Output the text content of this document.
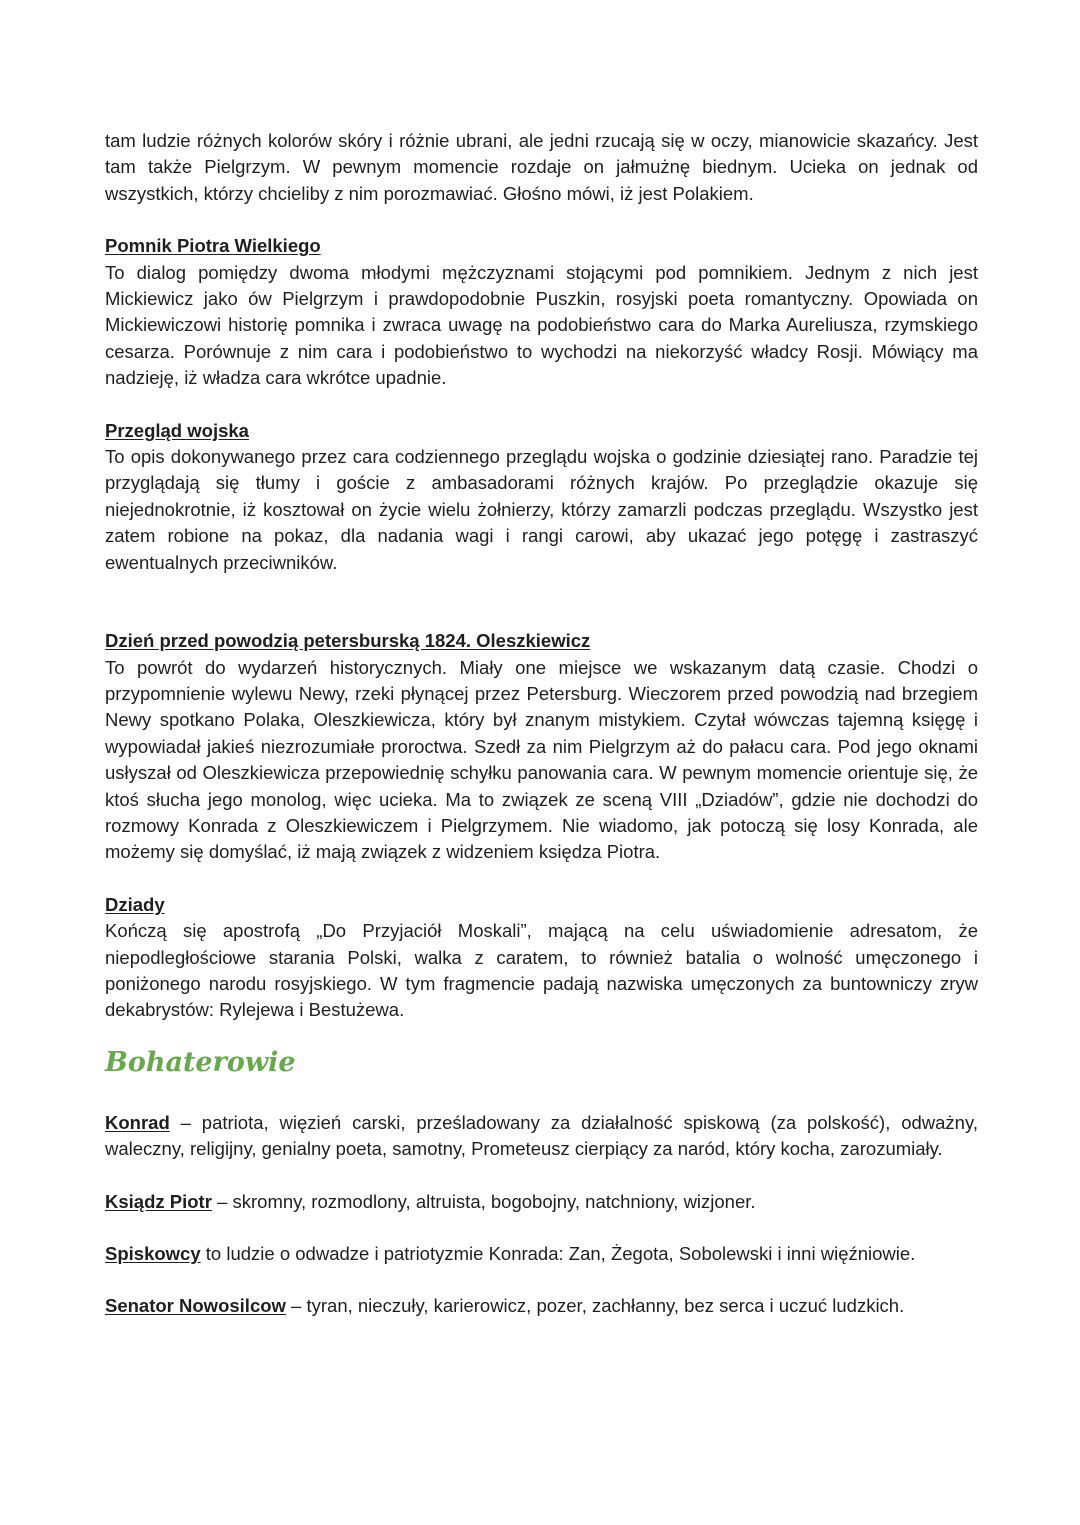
tam ludzie różnych kolorów skóry i różnie ubrani, ale jedni rzucają się w oczy, mianowicie skazańcy. Jest tam także Pielgrzym. W pewnym momencie rozdaje on jałmużnę biednym. Ucieka on jednak od wszystkich, którzy chcieliby z nim porozmawiać. Głośno mówi, iż jest Polakiem.

Pomnik Piotra Wielkiego

To dialog pomiędzy dwoma młodymi mężczyznami stojącymi pod pomnikiem. Jednym z nich jest Mickiewicz jako ów Pielgrzym i prawdopodobnie Puszkin, rosyjski poeta romantyczny. Opowiada on Mickiewiczowi historię pomnika i zwraca uwagę na podobieństwo cara do Marka Aureliusza, rzymskiego cesarza. Porównuje z nim cara i podobieństwo to wychodzi na niekorzyść władcy Rosji. Mówiący ma nadzieję, iż władza cara wkrótce upadnie.

Przegląd wojska

To opis dokonywanego przez cara codziennego przeglądu wojska o godzinie dziesiątej rano. Paradzie tej przyglądają się tłumy i goście z ambasadorami różnych krajów. Po przeglądzie okazuje się niejednokrotnie, iż kosztował on życie wielu żołnierzy, którzy zamarzli podczas przeglądu. Wszystko jest zatem robione na pokaz, dla nadania wagi i rangi carowi, aby ukazać jego potęgę i zastraszyć ewentualnych przeciwników.

Dzień przed powodzią petersburską 1824. Oleszkiewicz

To powrót do wydarzeń historycznych. Miały one miejsce we wskazanym datą czasie. Chodzi o przypomnienie wylewu Newy, rzeki płynącej przez Petersburg. Wieczorem przed powodzią nad brzegiem Newy spotkano Polaka, Oleszkiewicza, który był znanym mistykiem. Czytał wówczas tajemną księgę i wypowiadał jakieś niezrozumiałe proroctwa. Szedł za nim Pielgrzym aż do pałacu cara. Pod jego oknami usłyszał od Oleszkiewicza przepowiednię schyłku panowania cara. W pewnym momencie orientuje się, że ktoś słucha jego monolog, więc ucieka. Ma to związek ze sceną VIII „Dziadów”, gdzie nie dochodzi do rozmowy Konrada z Oleszkiewiczem i Pielgrzymem. Nie wiadomo, jak potoczą się losy Konrada, ale możemy się domyślać, iż mają związek z widzeniem księdza Piotra.

Dziady

Kończą się apostrofą „Do Przyjaciół Moskali”, mającą na celu uświadomienie adresatom, że niepodległościowe starania Polski, walka z caratem, to również batalia o wolność umęczonego i poniżonego narodu rosyjskiego. W tym fragmencie padają nazwiska umęczonych za buntowniczy zryw dekabrystów: Rylejewa i Bestużewa.

Bohaterowie

Konrad – patriota, więzień carski, prześladowany za działalność spiskową (za polskość), odważny, waleczny, religijny, genialny poeta, samotny, Prometeusz cierpiący za naród, który kocha, zarozumiały.

Ksiądz Piotr – skromny, rozmodlony, altruista, bogobojny, natchniony, wizjoner.

Spiskowcy to ludzie o odwadze i patriotyzmie Konrada: Zan, Żegota, Sobolewski i inni więźniowie.

Senator Nowosilcow – tyran, nieczuły, karierowicz, pozer, zachłanny, bez serca i uczuć ludzkich.
